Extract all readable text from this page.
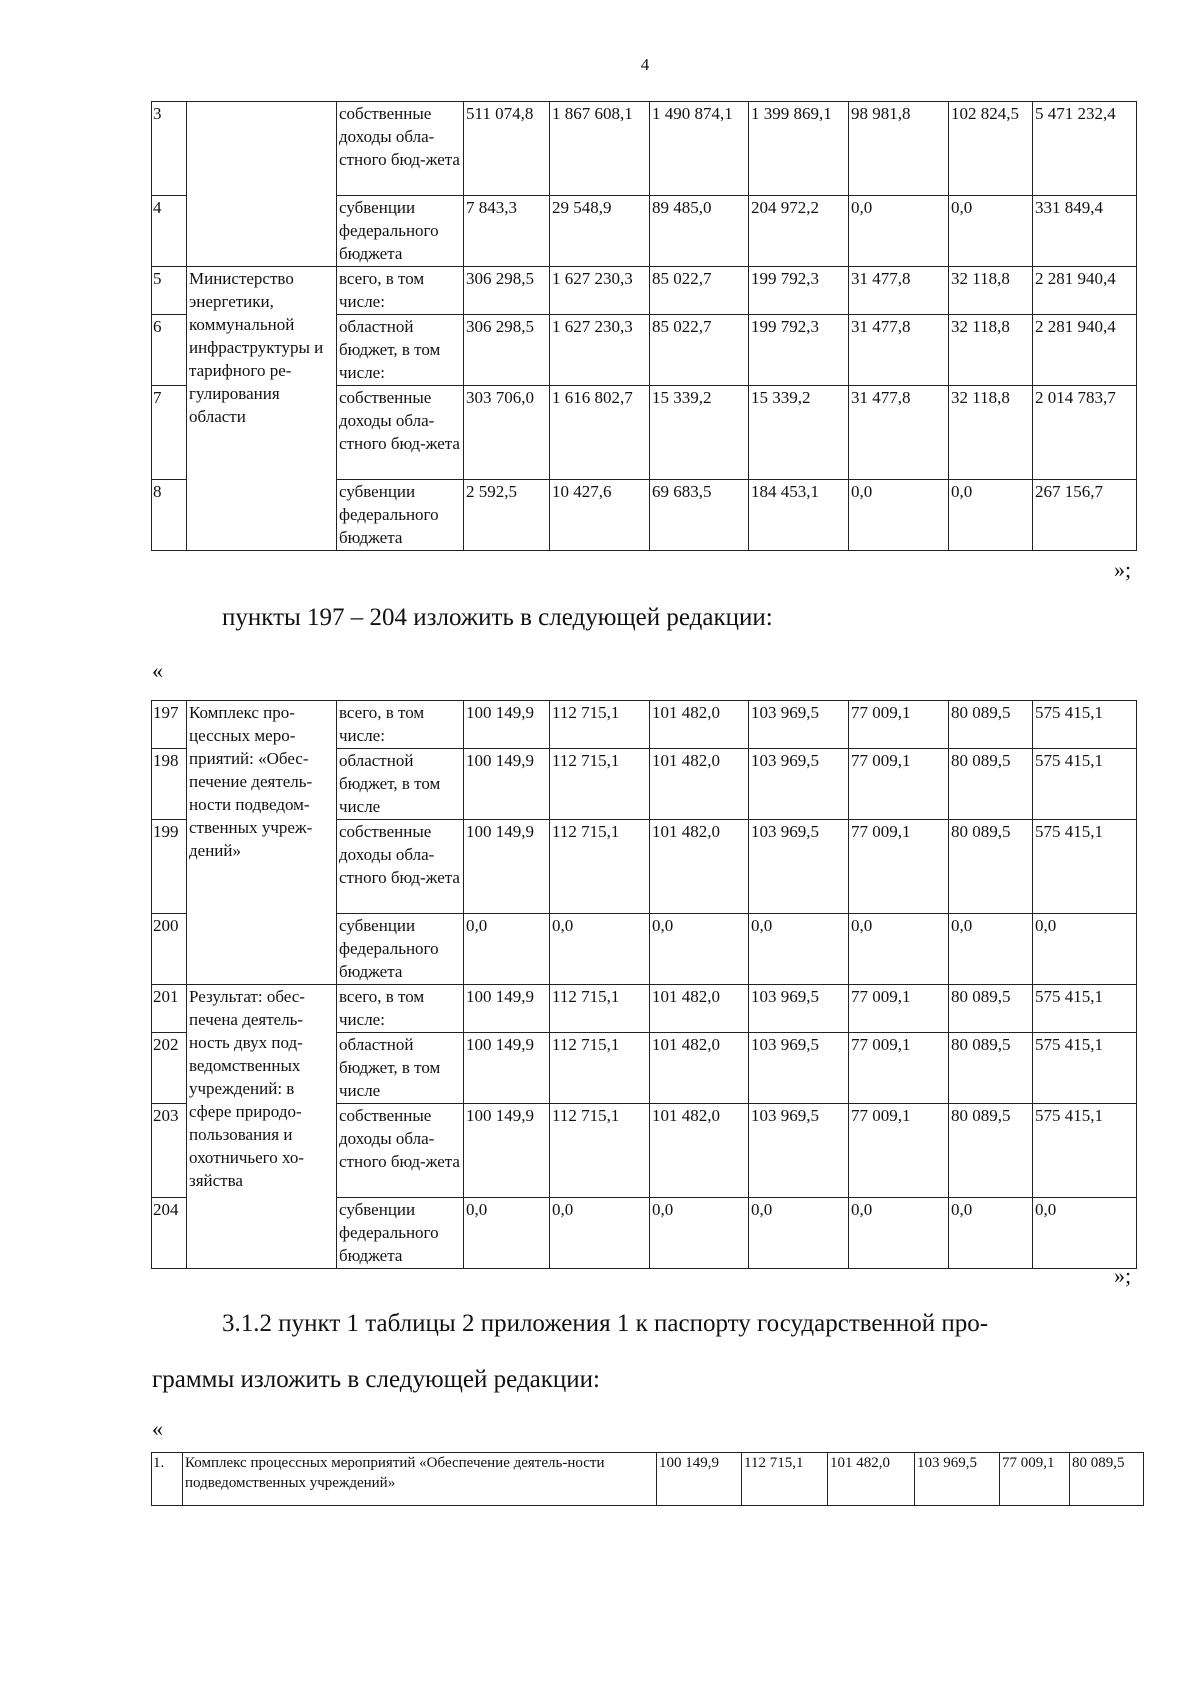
4
3		собственные доходы обла-стного бюд-жета	511 074,8	1 867 608,1	1 490 874,1	1 399 869,1	98 981,8	102 824,5	5 471 232,4
4		субвенции федерального бюджета	7 843,3	29 548,9	89 485,0	204 972,2	0,0	0,0	331 849,4
5	Министерство энергетики, коммунальной инфраструктуры и тарифного ре-гулирования области	всего, в том числе:	306 298,5	1 627 230,3	85 022,7	199 792,3	31 477,8	32 118,8	2 281 940,4
6		областной бюджет, в том числе:	306 298,5	1 627 230,3	85 022,7	199 792,3	31 477,8	32 118,8	2 281 940,4
7		собственные доходы обла-стного бюд-жета	303 706,0	1 616 802,7	15 339,2	15 339,2	31 477,8	32 118,8	2 014 783,7
8		субвенции федерального бюджета	2 592,5	10 427,6	69 683,5	184 453,1	0,0	0,0	267 156,7
»;
пункты 197 – 204 изложить в следующей редакции:
«
197	Комплекс про-цессных меро-приятий: «Обес-печение деятель-ности подведом-ственных учреж-дений»	всего, в том числе:	100 149,9	112 715,1	101 482,0	103 969,5	77 009,1	80 089,5	575 415,1
198		областной бюджет, в том числе	100 149,9	112 715,1	101 482,0	103 969,5	77 009,1	80 089,5	575 415,1
199		собственные доходы обла-стного бюд-жета	100 149,9	112 715,1	101 482,0	103 969,5	77 009,1	80 089,5	575 415,1
200		субвенции федерального бюджета	0,0	0,0	0,0	0,0	0,0	0,0	0,0
201	Результат: обес-печена деятель-ность двух под-ведомственных учреждений: в сфере природо-пользования и охотничьего хо-зяйства	всего, в том числе:	100 149,9	112 715,1	101 482,0	103 969,5	77 009,1	80 089,5	575 415,1
202		областной бюджет, в том числе	100 149,9	112 715,1	101 482,0	103 969,5	77 009,1	80 089,5	575 415,1
203		собственные доходы обла-стного бюд-жета	100 149,9	112 715,1	101 482,0	103 969,5	77 009,1	80 089,5	575 415,1
204		субвенции федерального бюджета	0,0	0,0	0,0	0,0	0,0	0,0	0,0
»;
3.1.2 пункт 1 таблицы 2 приложения 1 к паспорту государственной про-
граммы изложить в следующей редакции:
«
1.	Комплекс процессных мероприятий «Обеспечение деятель-ности подведомственных учреждений»	100 149,9	112 715,1	101 482,0	103 969,5	77 009,1	80 089,5
